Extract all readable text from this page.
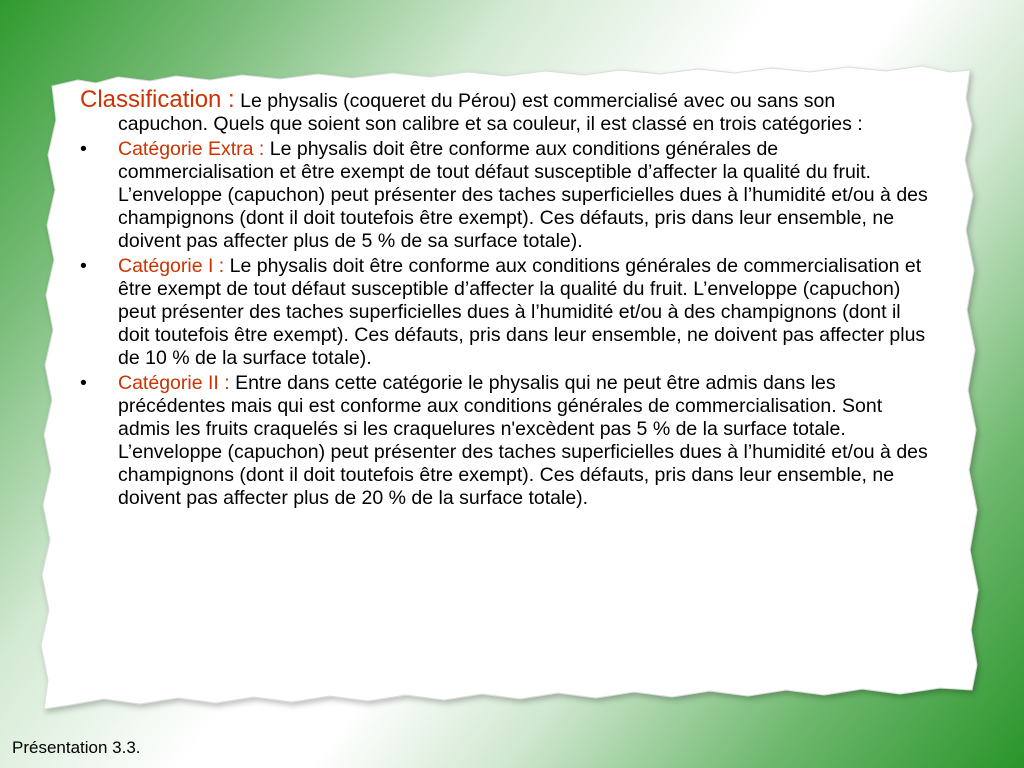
Classification : Le physalis (coqueret du Pérou) est commercialisé avec ou sans son capuchon. Quels que soient son calibre et sa couleur, il est classé en trois catégories :

• Catégorie Extra : Le physalis doit être conforme aux conditions générales de commercialisation et être exempt de tout défaut susceptible d’affecter la qualité du fruit. L’enveloppe (capuchon) peut présenter des taches superficielles dues à l’humidité et/ou à des champignons (dont il doit toutefois être exempt). Ces défauts, pris dans leur ensemble, ne doivent pas affecter plus de 5 % de sa surface totale).
• Catégorie I : Le physalis doit être conforme aux conditions générales de commercialisation et être exempt de tout défaut susceptible d’affecter la qualité du fruit. L’enveloppe (capuchon) peut présenter des taches superficielles dues à l’humidité et/ou à des champignons (dont il doit toutefois être exempt). Ces défauts, pris dans leur ensemble, ne doivent pas affecter plus de 10 % de la surface totale).
• Catégorie II : Entre dans cette catégorie le physalis qui ne peut être admis dans les précédentes mais qui est conforme aux conditions générales de commercialisation. Sont admis les fruits craquelés si les craquelures n'excèdent pas 5 % de la surface totale. L’enveloppe (capuchon) peut présenter des taches superficielles dues à l’humidité et/ou à des champignons (dont il doit toutefois être exempt). Ces défauts, pris dans leur ensemble, ne doivent pas affecter plus de 20 % de la surface totale).
Présentation 3.3.
